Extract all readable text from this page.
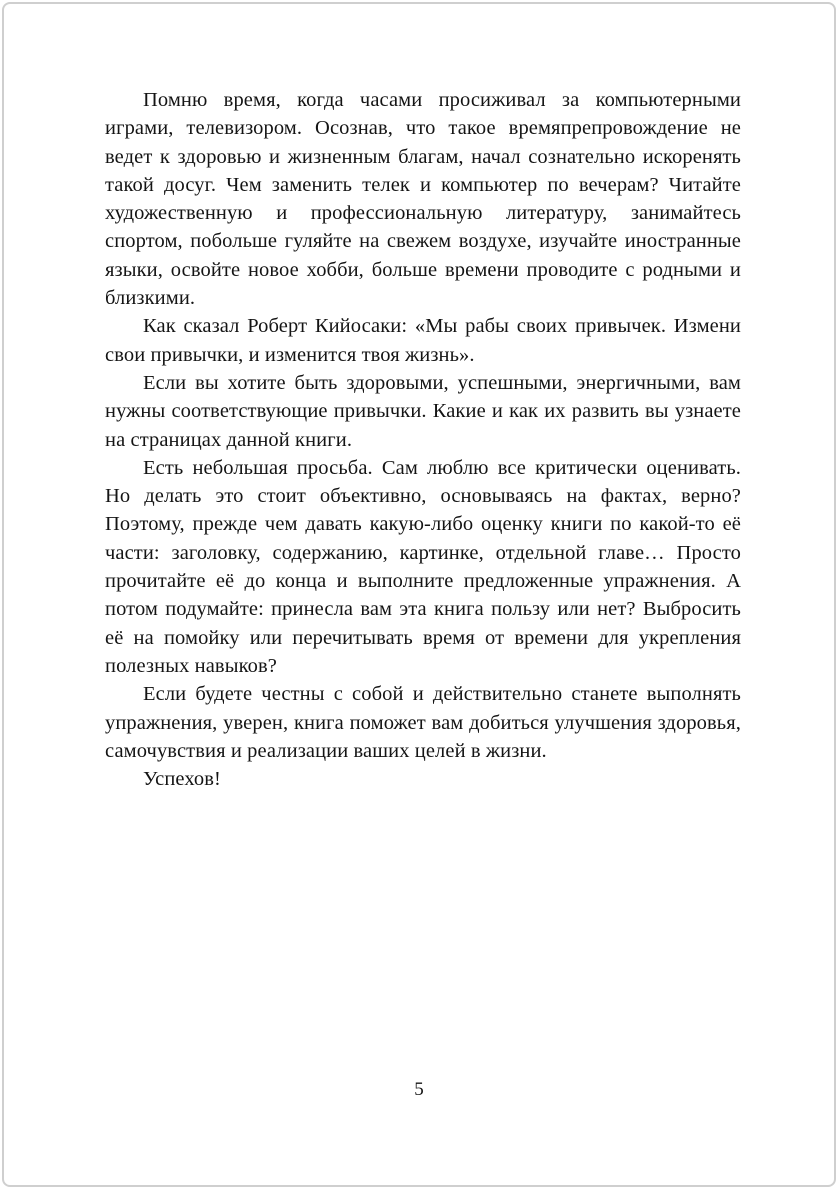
Помню время, когда часами просиживал за компьютерными играми, телевизором. Осознав, что такое времяпрепровождение не ведет к здоровью и жизненным благам, начал сознательно искоренять такой досуг. Чем заменить телек и компьютер по вечерам? Читайте художественную и профессиональную литературу, занимайтесь спортом, побольше гуляйте на свежем воздухе, изучайте иностранные языки, освойте новое хобби, больше времени проводите с родными и близкими.

Как сказал Роберт Кийосаки: «Мы рабы своих привычек. Измени свои привычки, и изменится твоя жизнь».

Если вы хотите быть здоровыми, успешными, энергичными, вам нужны соответствующие привычки. Какие и как их развить вы узнаете на страницах данной книги.

Есть небольшая просьба. Сам люблю все критически оценивать. Но делать это стоит объективно, основываясь на фактах, верно? Поэтому, прежде чем давать какую-либо оценку книги по какой-то её части: заголовку, содержанию, картинке, отдельной главе… Просто прочитайте её до конца и выполните предложенные упражнения. А потом подумайте: принесла вам эта книга пользу или нет? Выбросить её на помойку или перечитывать время от времени для укрепления полезных навыков?

Если будете честны с собой и действительно станете выполнять упражнения, уверен, книга поможет вам добиться улучшения здоровья, самочувствия и реализации ваших целей в жизни.

Успехов!

5
